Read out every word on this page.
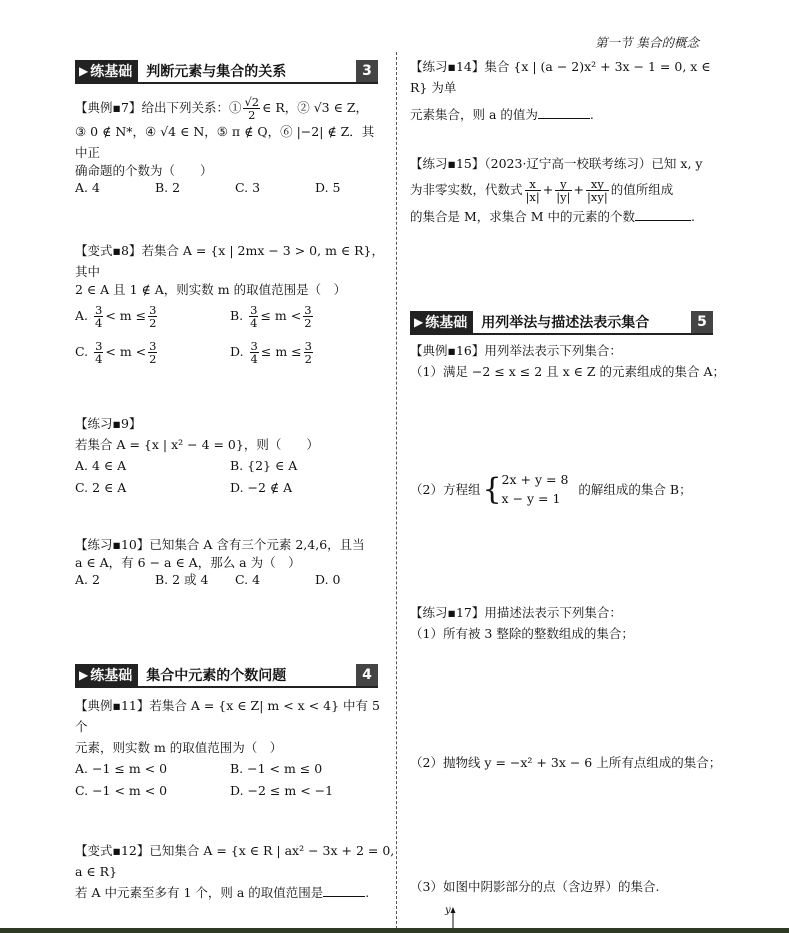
第一节 集合的概念
▶ 练基础	判断元素与集合的关系	3
【典例▪7】给出下列关系：① $\frac{√2}{2}$ ∈ R，② √3 ∈ Z，
③ 0 ∉ N*，④ √4 ∈ N，⑤ π ∉ Q，⑥ |−2| ∉ Z．其中正
确命题的个数为（　　）
A. 4	B. 2	C. 3	D. 5
【变式▪8】若集合 A = {x | 2mx − 3 > 0, m ∈ R}，其中
2 ∈ A 且 1 ∉ A，则实数 m 的取值范围是（　）
A. $\frac{3}{4} < m \le \frac{3}{2}$	B. $\frac{3}{4} \le m < \frac{3}{2}$
C. $\frac{3}{4} < m < \frac{3}{2}$	D. $\frac{3}{4} \le m \le \frac{3}{2}$
【练习▪9】若集合 A = {x | x² − 4 = 0}，则（　　）
A. 4 ∈ A	B. {2} ∈ A
C. 2 ∈ A	D. −2 ∉ A
【练习▪10】已知集合 A 含有三个元素 2,4,6，且当
a ∈ A，有 6 − a ∈ A，那么 a 为（　）
A. 2	B. 2 或 4	C. 4	D. 0
▶ 练基础	集合中元素的个数问题	4
【典例▪11】若集合 A = {x ∈ Z| m < x < 4} 中有 5 个
元素，则实数 m 的取值范围为（　）
A. −1 ≤ m < 0	B. −1 < m ≤ 0
C. −1 < m < 0	D. −2 ≤ m < −1
【变式▪12】已知集合 A = {x ∈ R | ax² − 3x + 2 = 0, a ∈ R}
若 A 中元素至多有 1 个，则 a 的取值范围是	.
【练习▪14】集合 {x | (a − 2)x² + 3x − 1 = 0, x ∈ R} 为单
元素集合，则 a 的值为	.
【练习▪15】（2023·辽宁高一校联考练习）已知 x, y
为非零实数，代数式 $\frac{x}{|x|} + \frac{y}{|y|} + \frac{xy}{|xy|}$ 的值所组成
的集合是 M，求集合 M 中的元素的个数	.
▶ 练基础	用列举法与描述法表示集合	5
【典例▪16】用列举法表示下列集合：
（1）满足 −2 ≤ x ≤ 2 且 x ∈ Z 的元素组成的集合 A；
（2）方程组 { 2x + y = 8
x − y = 1
的解组成的集合 B；
【练习▪17】用描述法表示下列集合：
（1）所有被 3 整除的整数组成的集合；
（2）抛物线 y = −x² + 3x − 6 上所有点组成的集合；
（3）如图中阴影部分的点（含边界）的集合.
y
